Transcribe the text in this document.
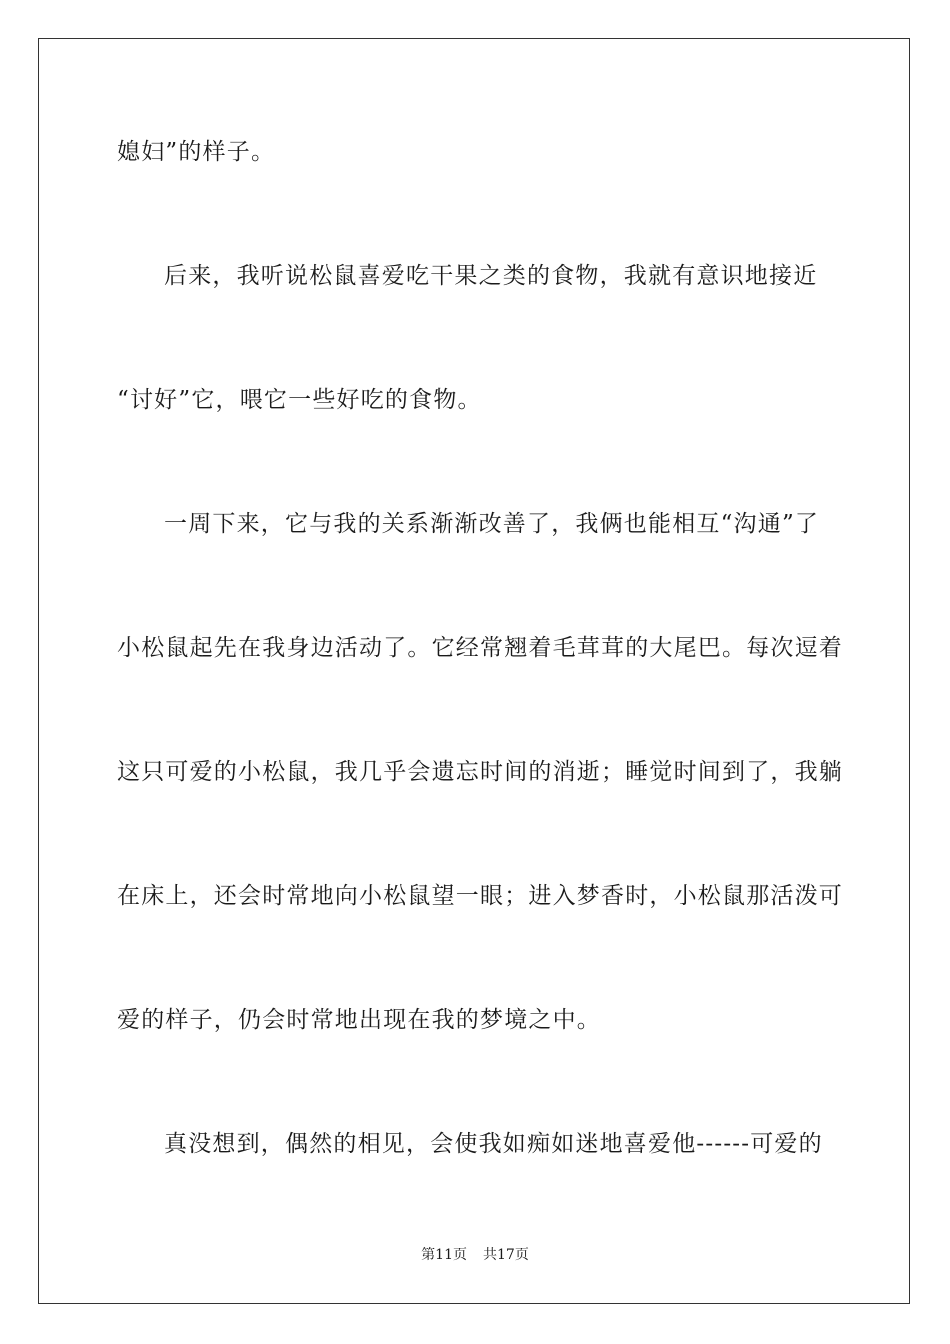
媳妇”的样子。
后来，我听说松鼠喜爱吃干果之类的食物，我就有意识地接近
“讨好”它，喂它一些好吃的食物。
一周下来，它与我的关系渐渐改善了，我俩也能相互“沟通”了
小松鼠起先在我身边活动了。它经常翘着毛茸茸的大尾巴。每次逗着
这只可爱的小松鼠，我几乎会遗忘时间的消逝；睡觉时间到了，我躺
在床上，还会时常地向小松鼠望一眼；进入梦香时，小松鼠那活泼可
爱的样子，仍会时常地出现在我的梦境之中。
真没想到，偶然的相见，会使我如痴如迷地喜爱他------可爱的
第11页 共17页
